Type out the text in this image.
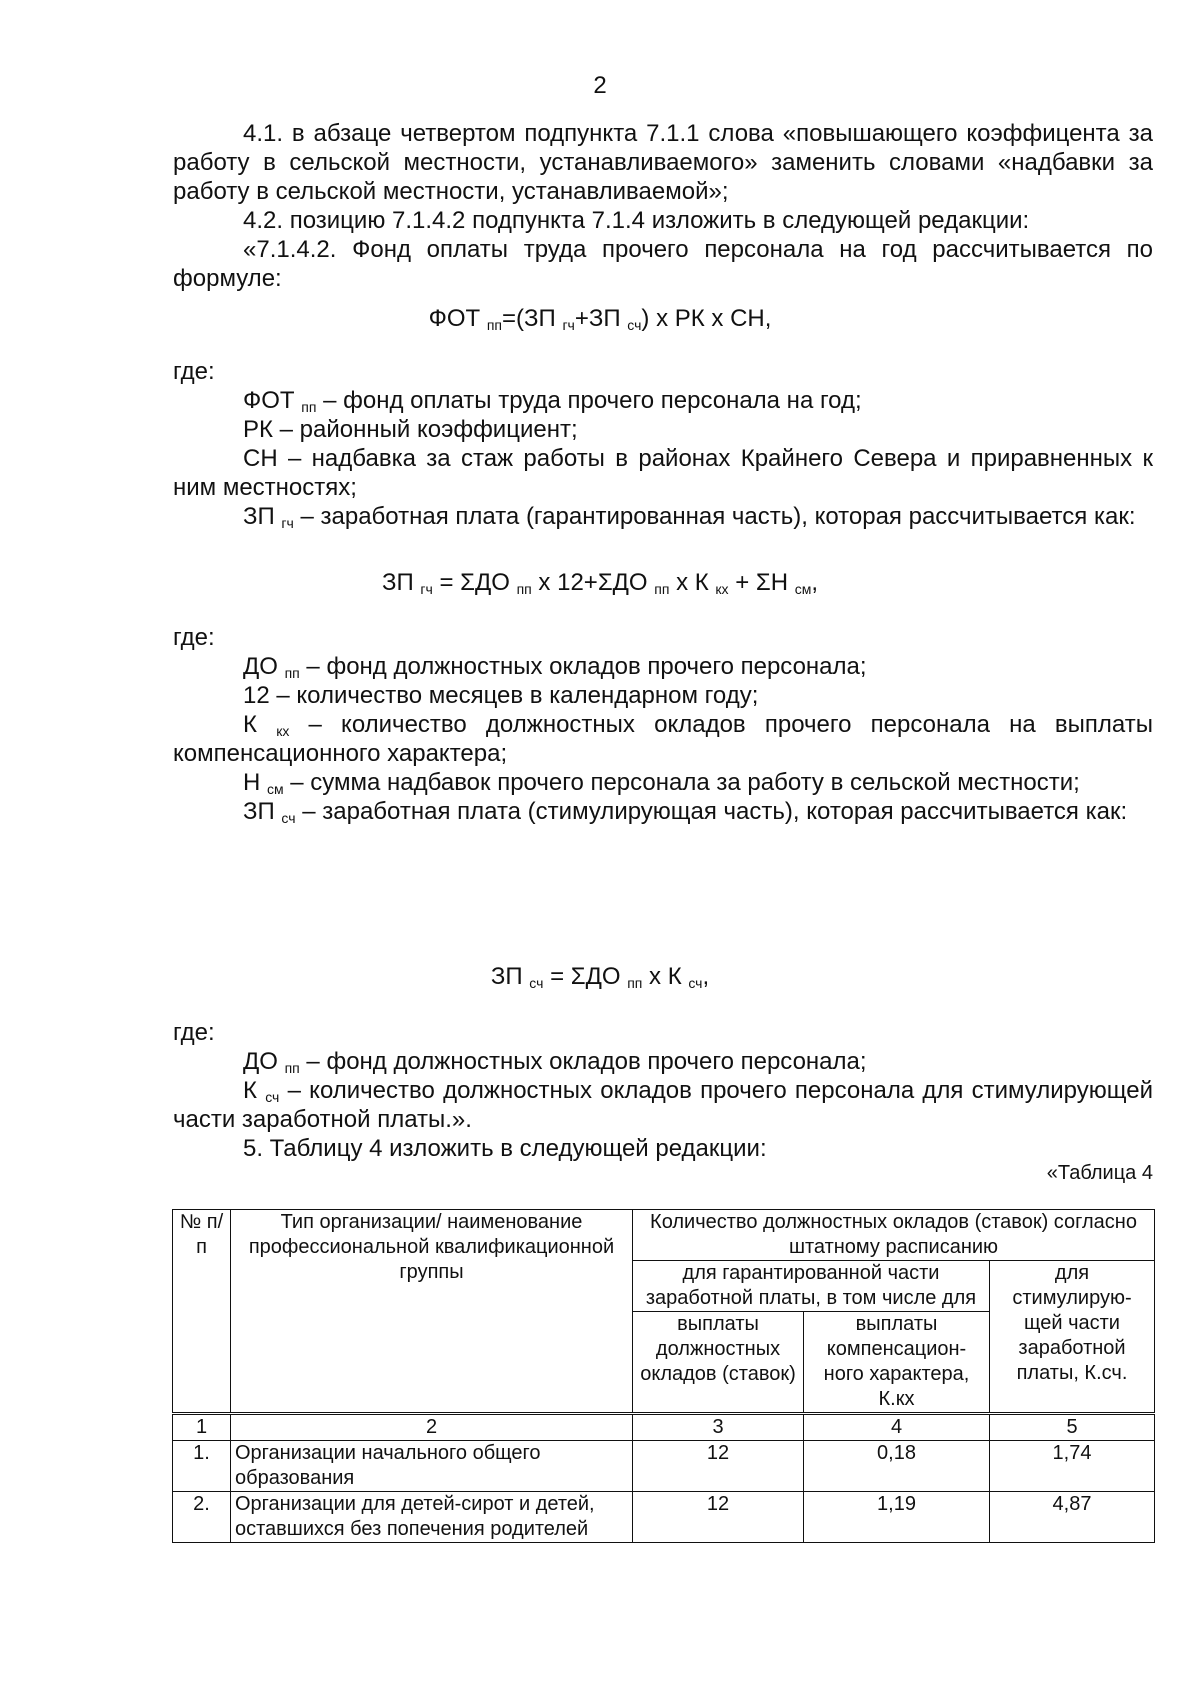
2

4.1. в абзаце четвертом подпункта 7.1.1 слова «повышающего коэффицента за работу в сельской местности, устанавливаемого» заменить словами «надбавки за работу в сельской местности, устанавливаемой»;

4.2. позицию 7.1.4.2 подпункта 7.1.4 изложить в следующей редакции:

«7.1.4.2. Фонд оплаты труда прочего персонала на год рассчитывается по формуле:

ФОТ $_{пп}$=(ЗП $_{гч}$+ЗП $_{сч}$) х РК х СН,

где:

ФОТ $_{пп}$ – фонд оплаты труда прочего персонала на год;

РК – районный коэффициент;

СН – надбавка за стаж работы в районах Крайнего Севера и приравненных к ним местностях;

ЗП $_{гч}$ – заработная плата (гарантированная часть), которая рассчитывается как:

ЗП $_{гч}$ = ΣДО $_{пп}$ х 12+ΣДО $_{пп}$ х К $_{кх}$ + ΣН $_{см}$,

где:

ДО $_{пп}$ – фонд должностных окладов прочего персонала;

12 – количество месяцев в календарном году;

К $_{кх}$ – количество должностных окладов прочего персонала на выплаты компенсационного характера;

Н $_{см}$ – сумма надбавок прочего персонала за работу в сельской местности;

ЗП $_{сч}$ – заработная плата (стимулирующая часть), которая рассчитывается как:

ЗП $_{сч}$ = ΣДО $_{пп}$ х К $_{сч}$,

где:

ДО $_{пп}$ – фонд должностных окладов прочего персонала;

К $_{сч}$ – количество должностных окладов прочего персонала для стимулирующей части заработной платы.».

5. Таблицу 4 изложить в следующей редакции:

«Таблица 4
№ п/п	Тип организации/ наименование профессиональной квалификационной группы	Количество должностных окладов (ставок) согласно штатному расписанию		
		для гарантированной части заработной платы, в том числе для		для стимулирую-щей части заработной платы, К.сч.
		выплаты должностных окладов (ставок)	выплаты компенсацион-ного характера, К.кх	
1	2	3	4	5
1.	Организации начального общего образования	12	0,18	1,74
2.	Организации для детей-сирот и детей, оставшихся без попечения родителей	12	1,19	4,87
